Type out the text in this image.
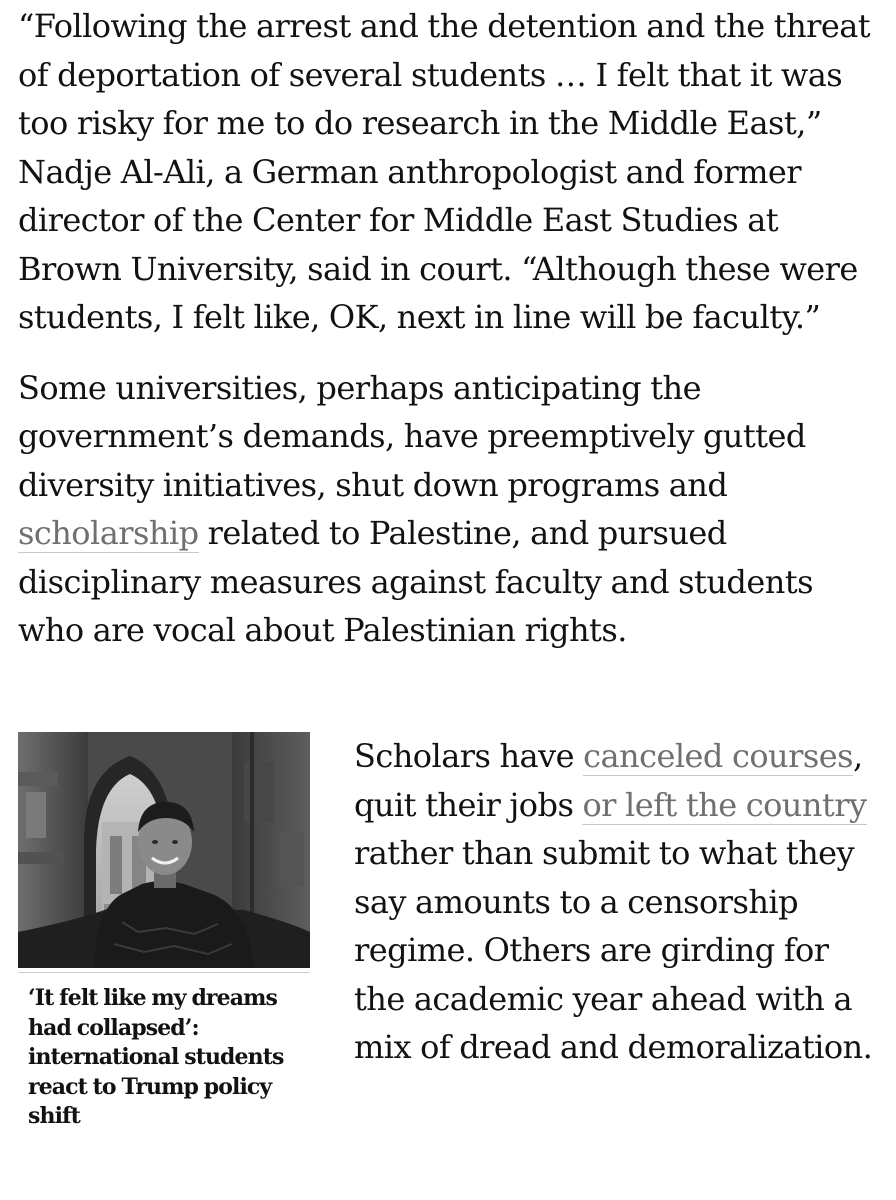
“Following the arrest and the detention and the threat of deportation of several students … I felt that it was too risky for me to do research in the Middle East,” Nadje Al-Ali, a German anthropologist and former director of the Center for Middle East Studies at Brown University, said in court. “Although these were students, I felt like, OK, next in line will be faculty.”

Some universities, perhaps anticipating the government’s demands, have preemptively gutted diversity initiatives, shut down programs and scholarship related to Palestine, and pursued disciplinary measures against faculty and students who are vocal about Palestinian rights.

‘It felt like my dreams had collapsed’: international students react to Trump policy shift

Scholars have canceled courses, quit their jobs or left the country rather than submit to what they say amounts to a censorship regime. Others are girding for the academic year ahead with a mix of dread and demoralization.
